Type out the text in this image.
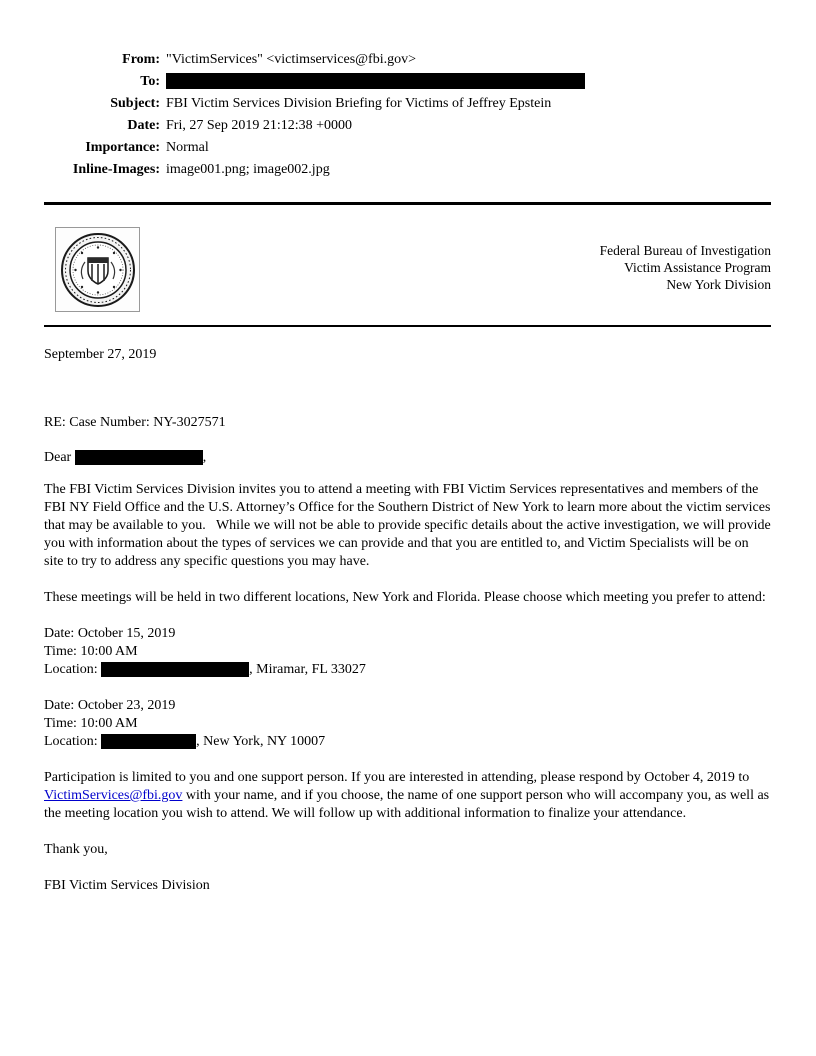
From: "VictimServices" <victimservices@fbi.gov>
To:
Subject: FBI Victim Services Division Briefing for Victims of Jeffrey Epstein
Date: Fri, 27 Sep 2019 21:12:38 +0000
Importance: Normal
Inline-Images: image001.png; image002.jpg
Federal Bureau of Investigation
Victim Assistance Program
New York Division
September 27, 2019
RE: Case Number: NY-3027571
Dear	,
The FBI Victim Services Division invites you to attend a meeting with FBI Victim Services representatives and members of the FBI NY Field Office and the U.S. Attorney’s Office for the Southern District of New York to learn more about the victim services that may be available to you.   While we will not be able to provide specific details about the active investigation, we will provide you with information about the types of services we can provide and that you are entitled to, and Victim Specialists will be on site to try to address any specific questions you may have.
These meetings will be held in two different locations, New York and Florida. Please choose which meeting you prefer to attend:
Date: October 15, 2019
Time: 10:00 AM
Location:	, Miramar, FL 33027
Date: October 23, 2019
Time: 10:00 AM
Location:	, New York, NY 10007
Participation is limited to you and one support person. If you are interested in attending, please respond by October 4, 2019 to VictimServices@fbi.gov with your name, and if you choose, the name of one support person who will accompany you, as well as the meeting location you wish to attend. We will follow up with additional information to finalize your attendance.
Thank you,
FBI Victim Services Division
